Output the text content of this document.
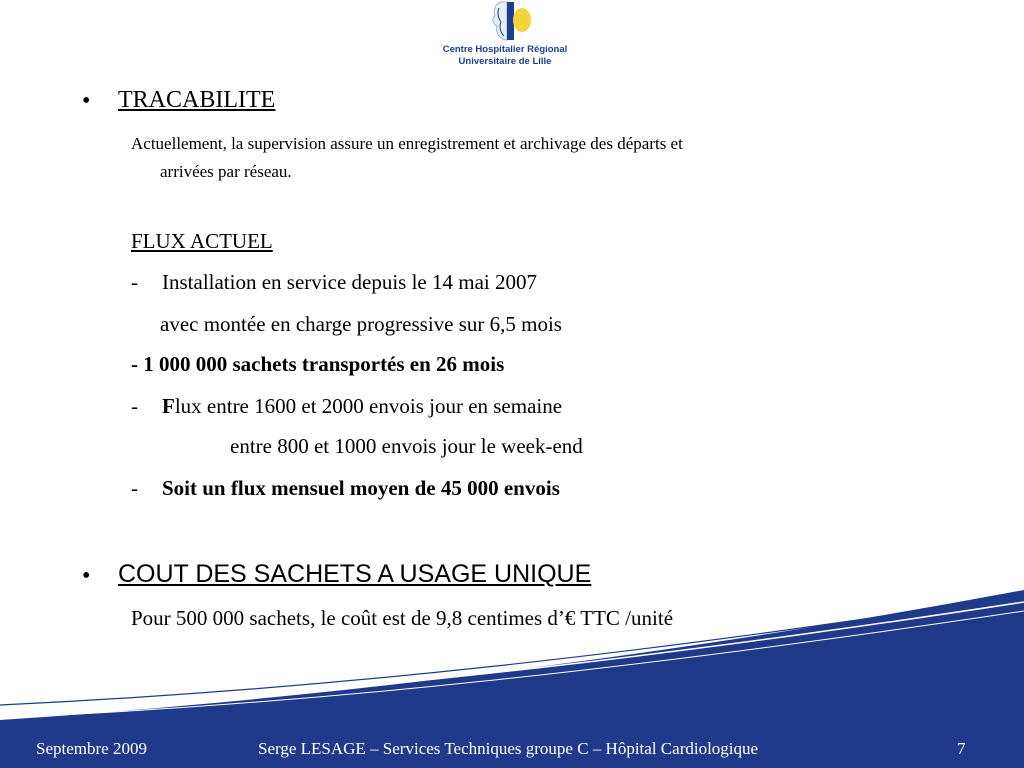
Centre Hospitalier Régional
Universitaire de Lille
• TRACABILITE
Actuellement, la supervision assure un enregistrement et archivage des départs et
arrivées par réseau.
FLUX ACTUEL
- Installation en service depuis le 14 mai 2007
avec montée en charge progressive sur 6,5 mois
- 1 000 000 sachets transportés en 26 mois
- Flux entre 1600 et 2000 envois jour en semaine
entre 800 et 1000 envois jour le week-end
- Soit un flux mensuel moyen de 45 000 envois
• COUT DES SACHETS A USAGE UNIQUE
Pour 500 000 sachets, le coût est de 9,8 centimes d’€ TTC /unité
Septembre 2009	Serge LESAGE – Services Techniques groupe C – Hôpital Cardiologique	7
